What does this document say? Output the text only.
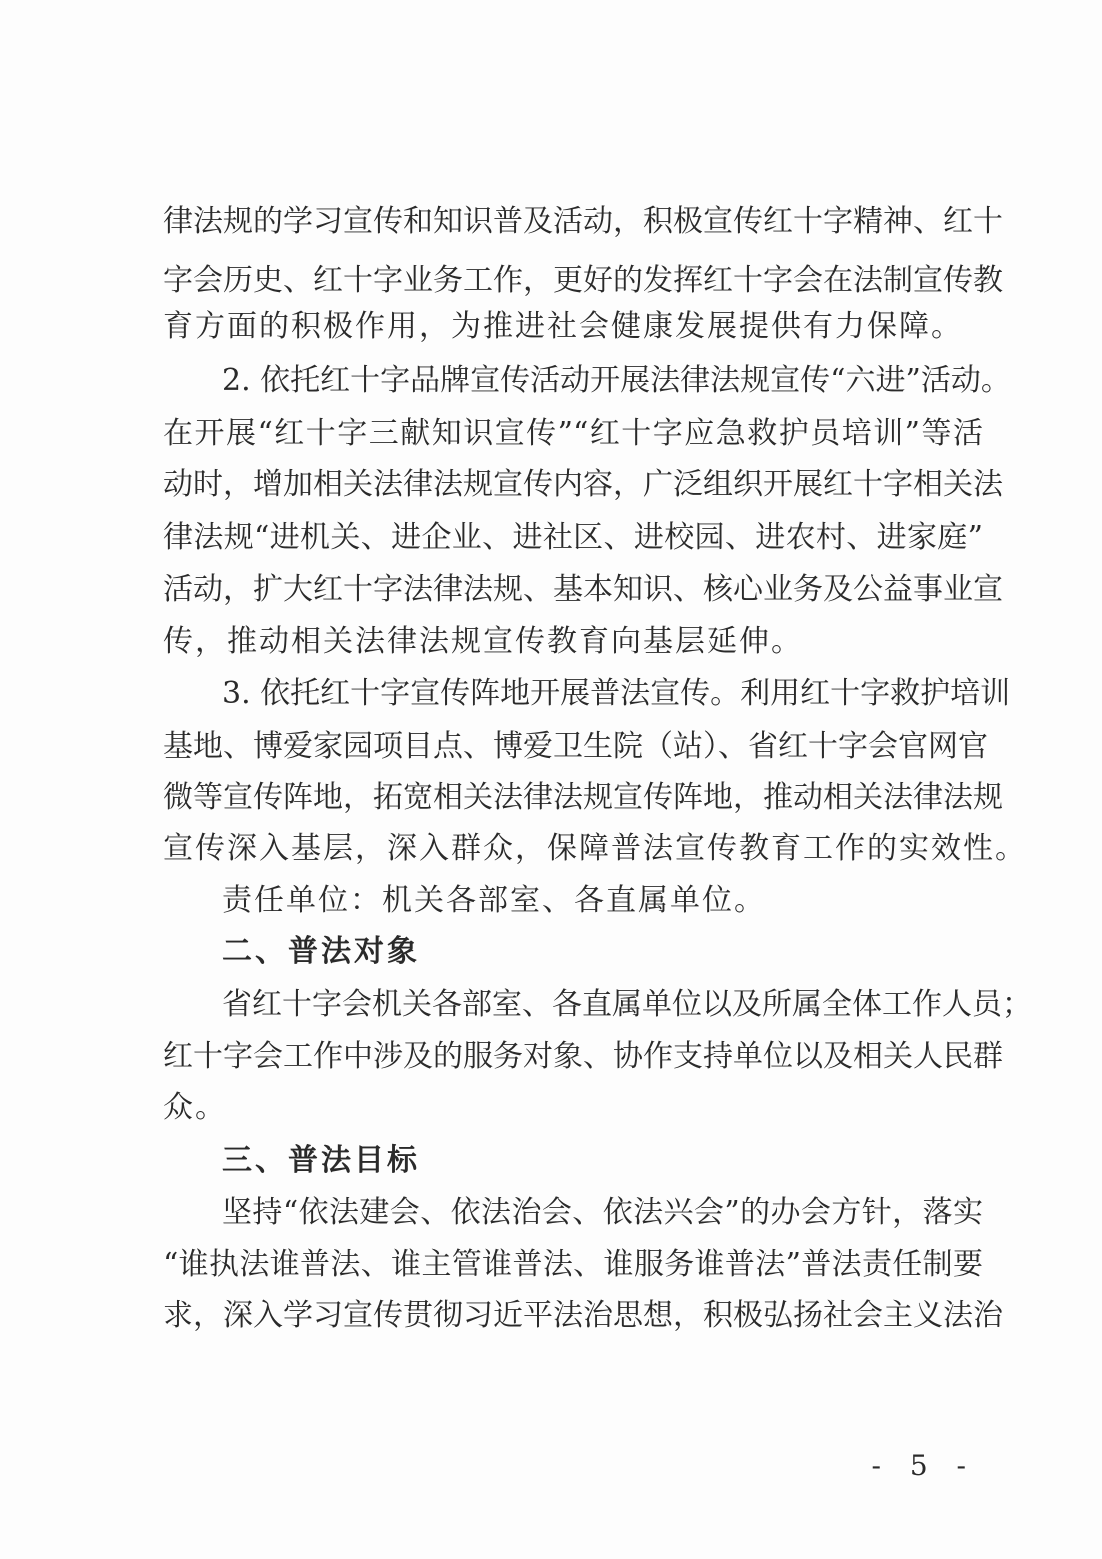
律法规的学习宣传和知识普及活动，积极宣传红十字精神、红十
字会历史、红十字业务工作，更好的发挥红十字会在法制宣传教
育方面的积极作用，为推进社会健康发展提供有力保障。
2. 依托红十字品牌宣传活动开展法律法规宣传“六进”活动。
在开展“红十字三献知识宣传”“红十字应急救护员培训”等活
动时，增加相关法律法规宣传内容，广泛组织开展红十字相关法
律法规“进机关、进企业、进社区、进校园、进农村、进家庭”
活动，扩大红十字法律法规、基本知识、核心业务及公益事业宣
传，推动相关法律法规宣传教育向基层延伸。
3. 依托红十字宣传阵地开展普法宣传。利用红十字救护培训
基地、博爱家园项目点、博爱卫生院（站）、省红十字会官网官
微等宣传阵地，拓宽相关法律法规宣传阵地，推动相关法律法规
宣传深入基层，深入群众，保障普法宣传教育工作的实效性。
责任单位：机关各部室、各直属单位。
二、普法对象
省红十字会机关各部室、各直属单位以及所属全体工作人员；
红十字会工作中涉及的服务对象、协作支持单位以及相关人民群
众。
三、普法目标
坚持“依法建会、依法治会、依法兴会”的办会方针，落实
“谁执法谁普法、谁主管谁普法、谁服务谁普法”普法责任制要
求，深入学习宣传贯彻习近平法治思想，积极弘扬社会主义法治
- 5 -
